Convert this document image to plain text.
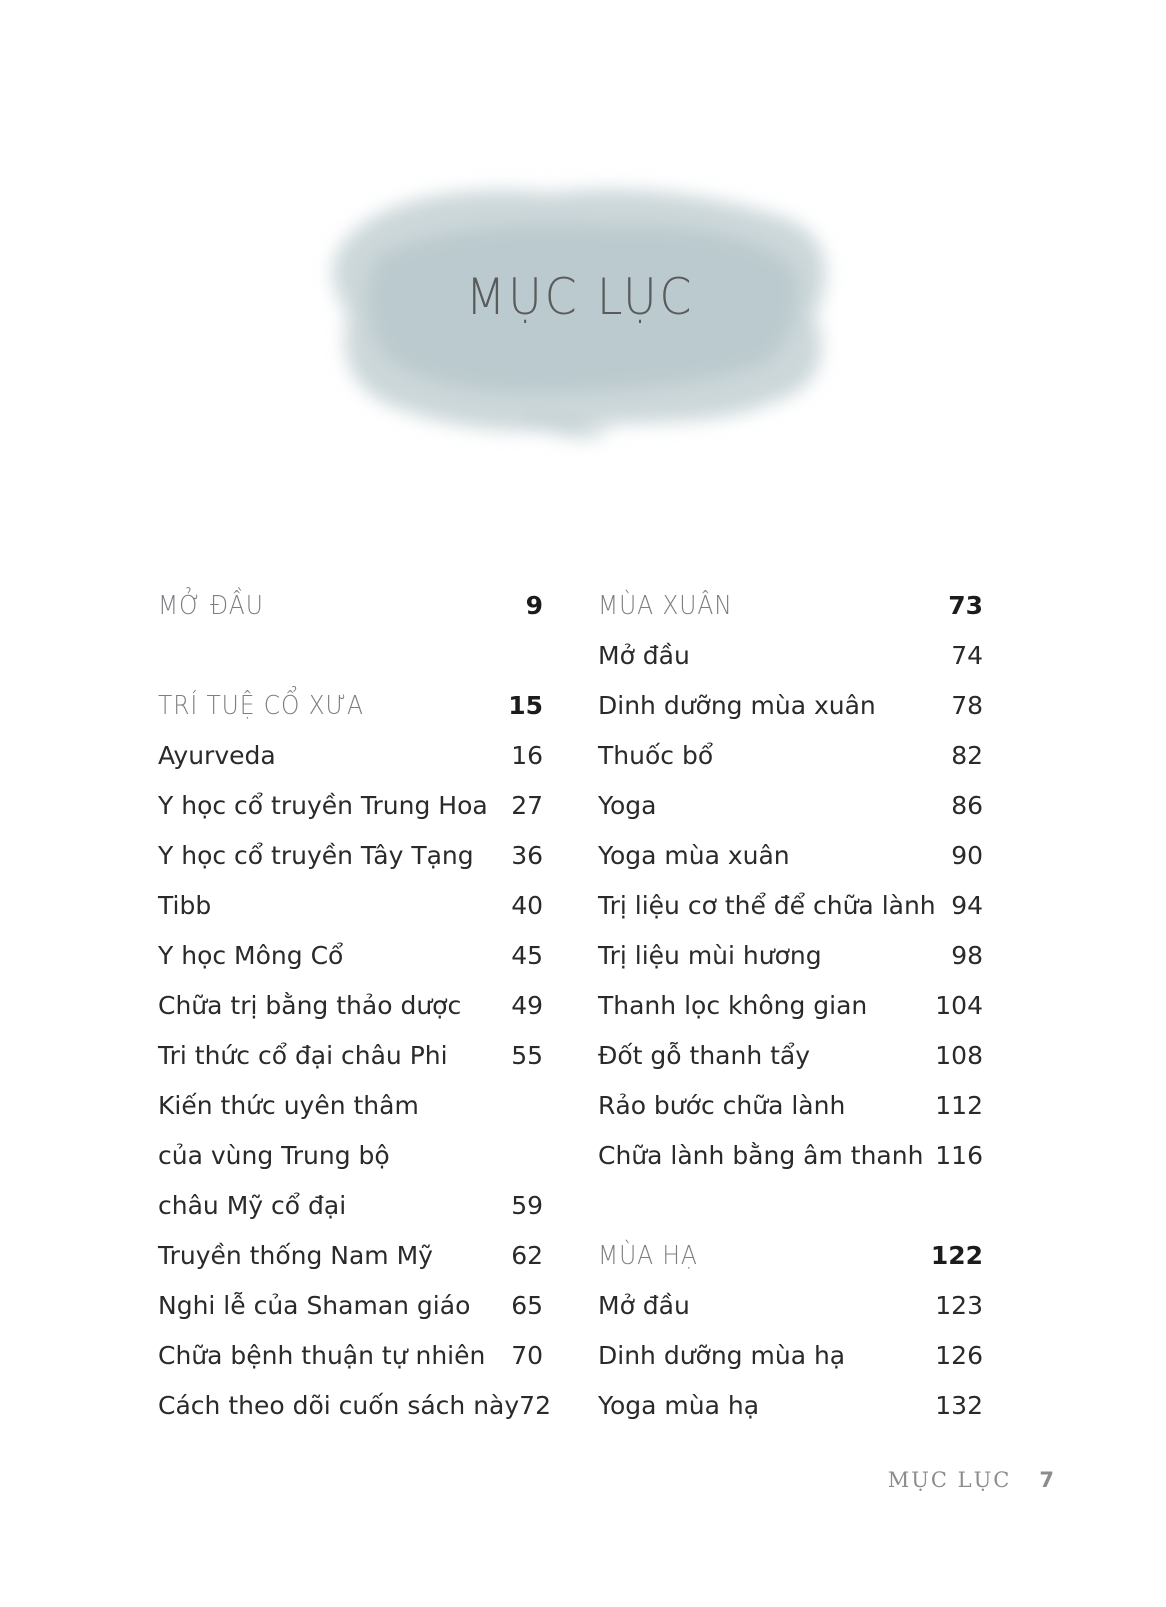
MỤC LỤC
MỞ ĐẦU	9
TRÍ TUỆ CỔ XƯA	15
Ayurveda	16
Y học cổ truyền Trung Hoa 27
Y học cổ truyền Tây Tạng 36
Tibb	40
Y học Mông Cổ	45
Chữa trị bằng thảo dược 49
Tri thức cổ đại châu Phi	55
Kiến thức uyên thâm
của vùng Trung bộ
châu Mỹ cổ đại	59
Truyền thống Nam Mỹ	62
Nghi lễ của Shaman giáo 65
Chữa bệnh thuận tự nhiên 70
Cách theo dõi cuốn sách này 72
MÙA XUÂN	73
Mở đầu	74
Dinh dưỡng mùa xuân	78
Thuốc bổ	82
Yoga	86
Yoga mùa xuân	90
Trị liệu cơ thể để chữa lành 94
Trị liệu mùi hương	98
Thanh lọc không gian	104
Đốt gỗ thanh tẩy	108
Rảo bước chữa lành	112
Chữa lành bằng âm thanh 116
MÙA HẠ	122
Mở đầu	123
Dinh dưỡng mùa hạ	126
Yoga mùa hạ	132
MỤC LỤC 7
